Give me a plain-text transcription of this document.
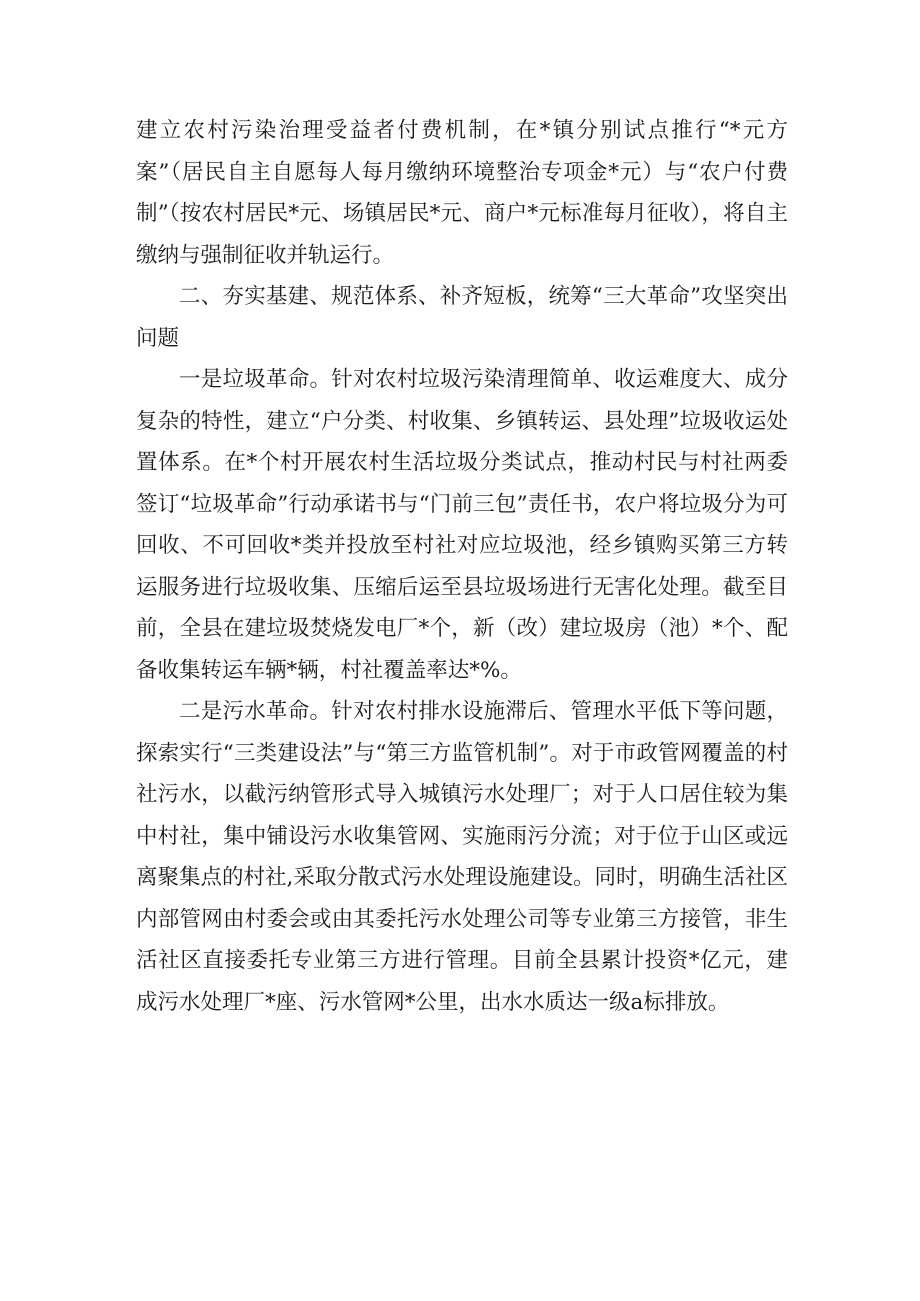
建立农村污染治理受益者付费机制，在*镇分别试点推行“*元方案”（居民自主自愿每人每月缴纳环境整治专项金*元）与“农户付费制”（按农村居民*元、场镇居民*元、商户*元标准每月征收），将自主缴纳与强制征收并轨运行。

二、夯实基建、规范体系、补齐短板，统筹“三大革命”攻坚突出问题

一是垃圾革命。针对农村垃圾污染清理简单、收运难度大、成分复杂的特性，建立“户分类、村收集、乡镇转运、县处理”垃圾收运处置体系。在*个村开展农村生活垃圾分类试点，推动村民与村社两委签订“垃圾革命”行动承诺书与“门前三包”责任书，农户将垃圾分为可回收、不可回收*类并投放至村社对应垃圾池，经乡镇购买第三方转运服务进行垃圾收集、压缩后运至县垃圾场进行无害化处理。截至目前，全县在建垃圾焚烧发电厂*个，新（改）建垃圾房（池）*个、配备收集转运车辆*辆，村社覆盖率达*%。

二是污水革命。针对农村排水设施滞后、管理水平低下等问题，探索实行“三类建设法”与“第三方监管机制”。对于市政管网覆盖的村社污水，以截污纳管形式导入城镇污水处理厂；对于人口居住较为集中村社，集中铺设污水收集管网、实施雨污分流；对于位于山区或远离聚集点的村社,采取分散式污水处理设施建设。同时，明确生活社区内部管网由村委会或由其委托污水处理公司等专业第三方接管，非生活社区直接委托专业第三方进行管理。目前全县累计投资*亿元，建成污水处理厂*座、污水管网*公里，出水水质达一级a标排放。
